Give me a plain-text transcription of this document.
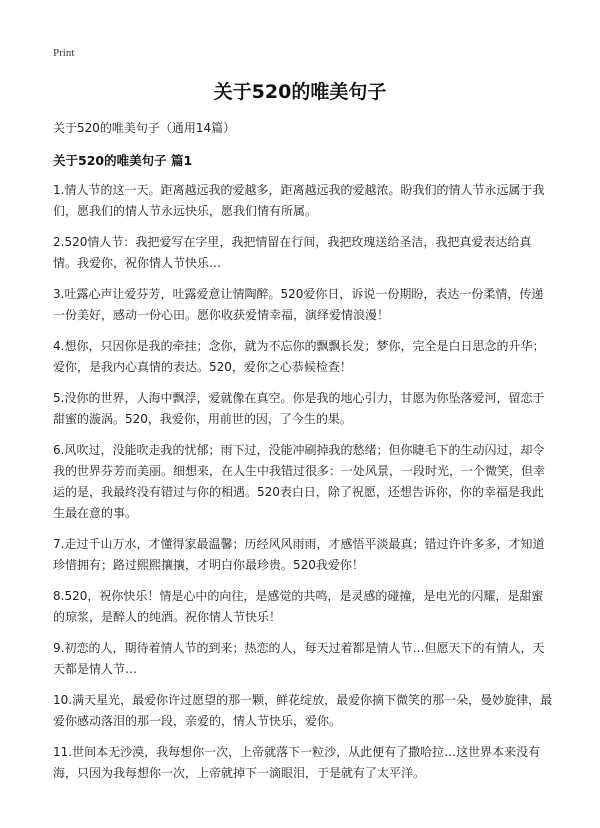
Print
关于520的唯美句子
关于520的唯美句子（通用14篇）
关于520的唯美句子 篇1

1.情人节的这一天。距离越远我的爱越多，距离越远我的爱越浓。盼我们的情人节永远属于我们，愿我们的情人节永远快乐，愿我们情有所属。

2.520情人节：我把爱写在字里，我把情留在行间，我把玫瑰送给圣洁，我把真爱表达给真情。我爱你，祝你情人节快乐…

3.吐露心声让爱芬芳，吐露爱意让情陶醉。520爱你日，诉说一份期盼，表达一份柔情，传递一份美好，感动一份心田。愿你收获爱情幸福，演绎爱情浪漫！

4.想你，只因你是我的牵挂；念你，就为不忘你的飘飘长发；梦你，完全是白日思念的升华；爱你，是我内心真情的表达。520，爱你之心恭候检查！

5.没你的世界，人海中飘浮，爱就像在真空。你是我的地心引力，甘愿为你坠落爱河，留恋于甜蜜的漩涡。520，我爱你，用前世的因，了今生的果。

6.风吹过，没能吹走我的忧郁；雨下过，没能冲刷掉我的愁绪；但你睫毛下的生动闪过，却令我的世界芬芳而美丽。细想来，在人生中我错过很多：一处风景，一段时光，一个微笑，但幸运的是，我最终没有错过与你的相遇。520表白日，除了祝愿，还想告诉你，你的幸福是我此生最在意的事。

7.走过千山万水，才懂得家最温馨；历经风风雨雨，才感悟平淡最真；错过许许多多，才知道珍惜拥有；路过熙熙攘攘，才明白你最珍贵。520我爱你！

8.520，祝你快乐！情是心中的向往，是感觉的共鸣，是灵感的碰撞，是电光的闪耀，是甜蜜的琼浆，是醉人的纯酒。祝你情人节快乐！

9.初恋的人，期待着情人节的到来；热恋的人，每天过着都是情人节…但愿天下的有情人，天天都是情人节…

10.满天星光，最爱你许过愿望的那一颗，鲜花绽放，最爱你摘下微笑的那一朵，曼妙旋律，最爱你感动落泪的那一段，亲爱的，情人节快乐，爱你。

11.世间本无沙漠，我每想你一次，上帝就落下一粒沙，从此便有了撒哈拉…这世界本来没有海，只因为我每想你一次，上帝就掉下一滴眼泪，于是就有了太平洋。
